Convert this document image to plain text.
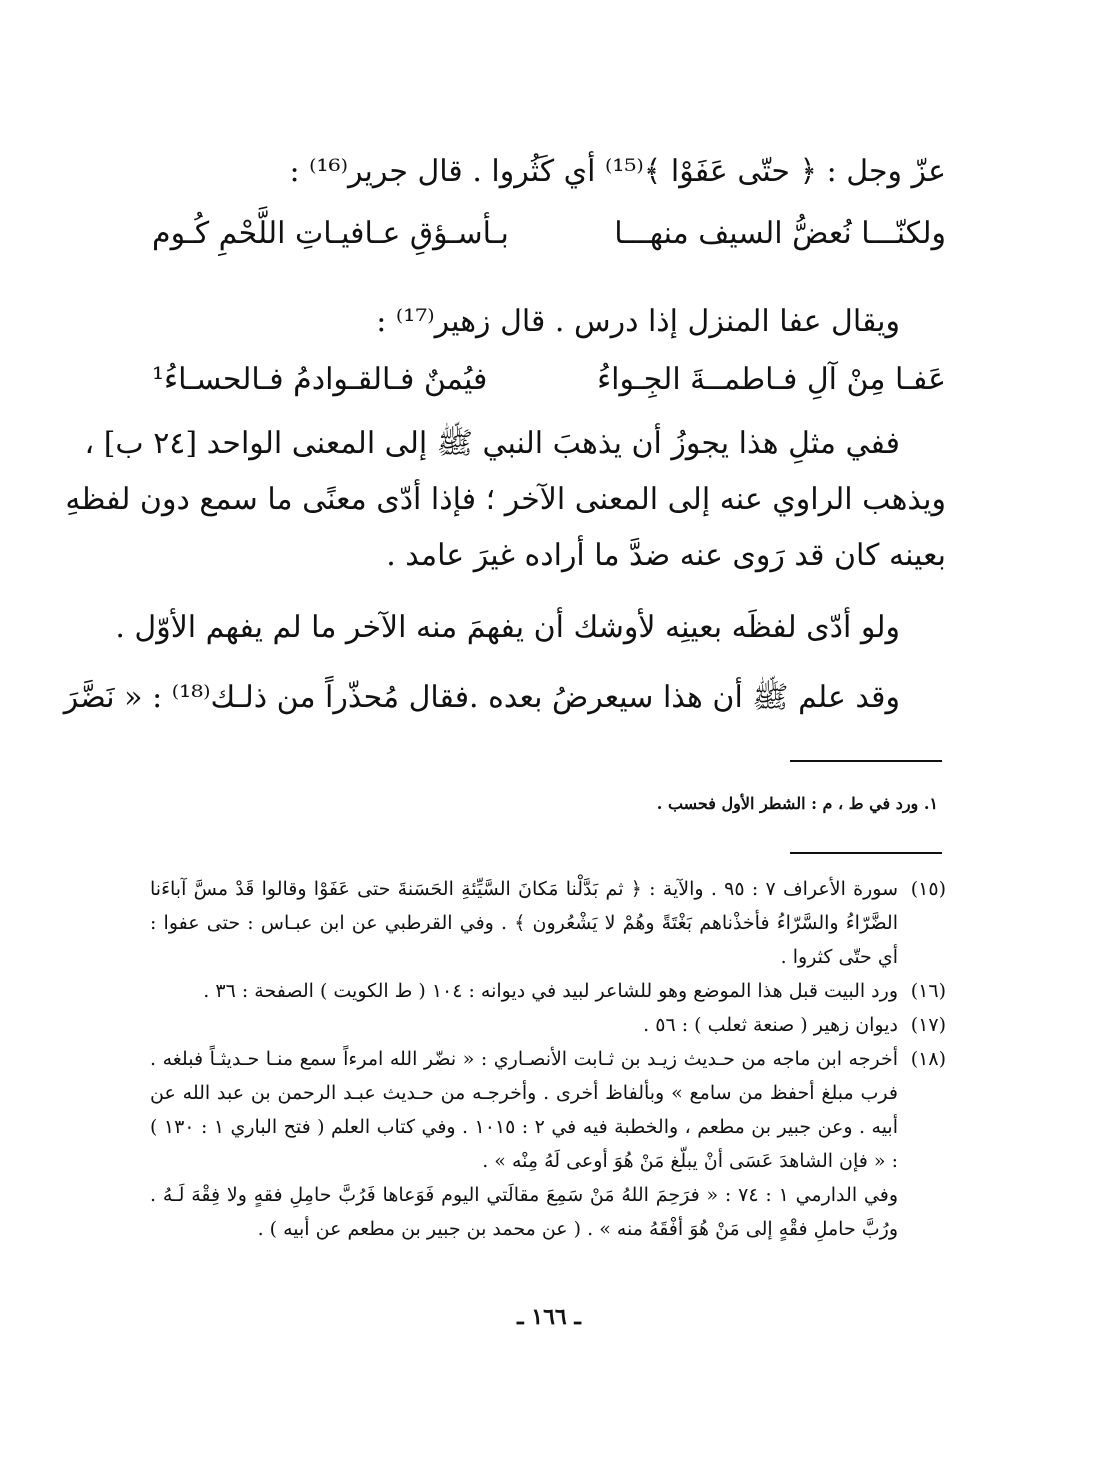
عزّ وجل : ﴿ حتّى عَفَوْا ﴾⁽¹⁵⁾ أي كَثُروا . قال جرير⁽¹⁶⁾ :
ولكنّـــا نُعضُّ السيف منهـــا
بـأسـؤقِ عـافيـاتِ اللَّحْمِ كُـوم
ويقال عفا المنزل إذا درس . قال زهير⁽¹⁷⁾ :
عَفـا مِنْ آلِ فـاطمــةَ الجِـواءُ
فيُمنٌ فـالقـوادمُ فـالحسـاءُ¹
ففي مثلِ هذا يجوزُ أن يذهبَ النبي ﷺ إلى المعنى الواحد [٢٤ ب] ،
ويذهب الراوي عنه إلى المعنى الآخر ؛ فإذا أدّى معنًى ما سمع دون لفظهِ
بعينه كان قد رَوى عنه ضدَّ ما أراده غيرَ عامد .
ولو أدّى لفظَه بعينِه لأوشك أن يفهمَ منه الآخر ما لم يفهم الأوّل .
وقد علم ﷺ أن هذا سيعرضُ بعده .فقال مُحذّراً من ذلـك⁽¹⁸⁾ : « نَضَّرَ
١. ورد في ط ، م : الشطر الأول فحسب .
(١٥)
سورة الأعراف ٧ : ٩٥ . والآية : ﴿ ثم بَدَّلْنا مَكانَ السَّيِّئةِ الحَسَنةَ حتى عَفَوْا وقالوا قَدْ مسَّ آباءَنا الضَّرّاءُ والسَّرّاءُ فأخذْناهم بَغْتَةً وهُمْ لا يَشْعُرون ﴾ . وفي القرطبي عن ابن عبـاس : حتى عفوا : أي حتّى كثروا .
(١٦)
ورد البيت قبل هذا الموضع وهو للشاعر لبيد في ديوانه : ١٠٤ ( ط الكويت ) الصفحة : ٣٦ .
(١٧)
ديوان زهير ( صنعة ثعلب ) : ٥٦ .
(١٨)
أخرجه ابن ماجه من حـديث زيـد بن ثـابت الأنصـاري : « نضّر الله امرءاً سمع منـا حـديثـاً فبلغه . فرب مبلغ أحفظ من سامع » وبألفاظ أخرى . وأخرجـه من حـديث عبـد الرحمن بن عبد الله عن أبيه . وعن جبير بن مطعم ، والخطبة فيه في ٢ : ١٠١٥ . وفي كتاب العلم ( فتح الباري ١ : ١٣٠ ) : « فإن الشاهدَ عَسَى أنْ يبلّغ مَنْ هُوَ أوعى لَهُ مِنْه » .
وفي الدارمي ١ : ٧٤ : « فرَحِمَ اللهُ مَنْ سَمِعَ مقالَتي اليوم فَوَعاها فَرُبَّ حامِلِ فقهٍ ولا فِقْهَ لَـهُ . ورُبَّ حاملِ فقْهٍ إلى مَنْ هُوَ أفْقَهُ منه » . ( عن محمد بن جبير بن مطعم عن أبيه ) .
ـ ١٦٦ ـ
